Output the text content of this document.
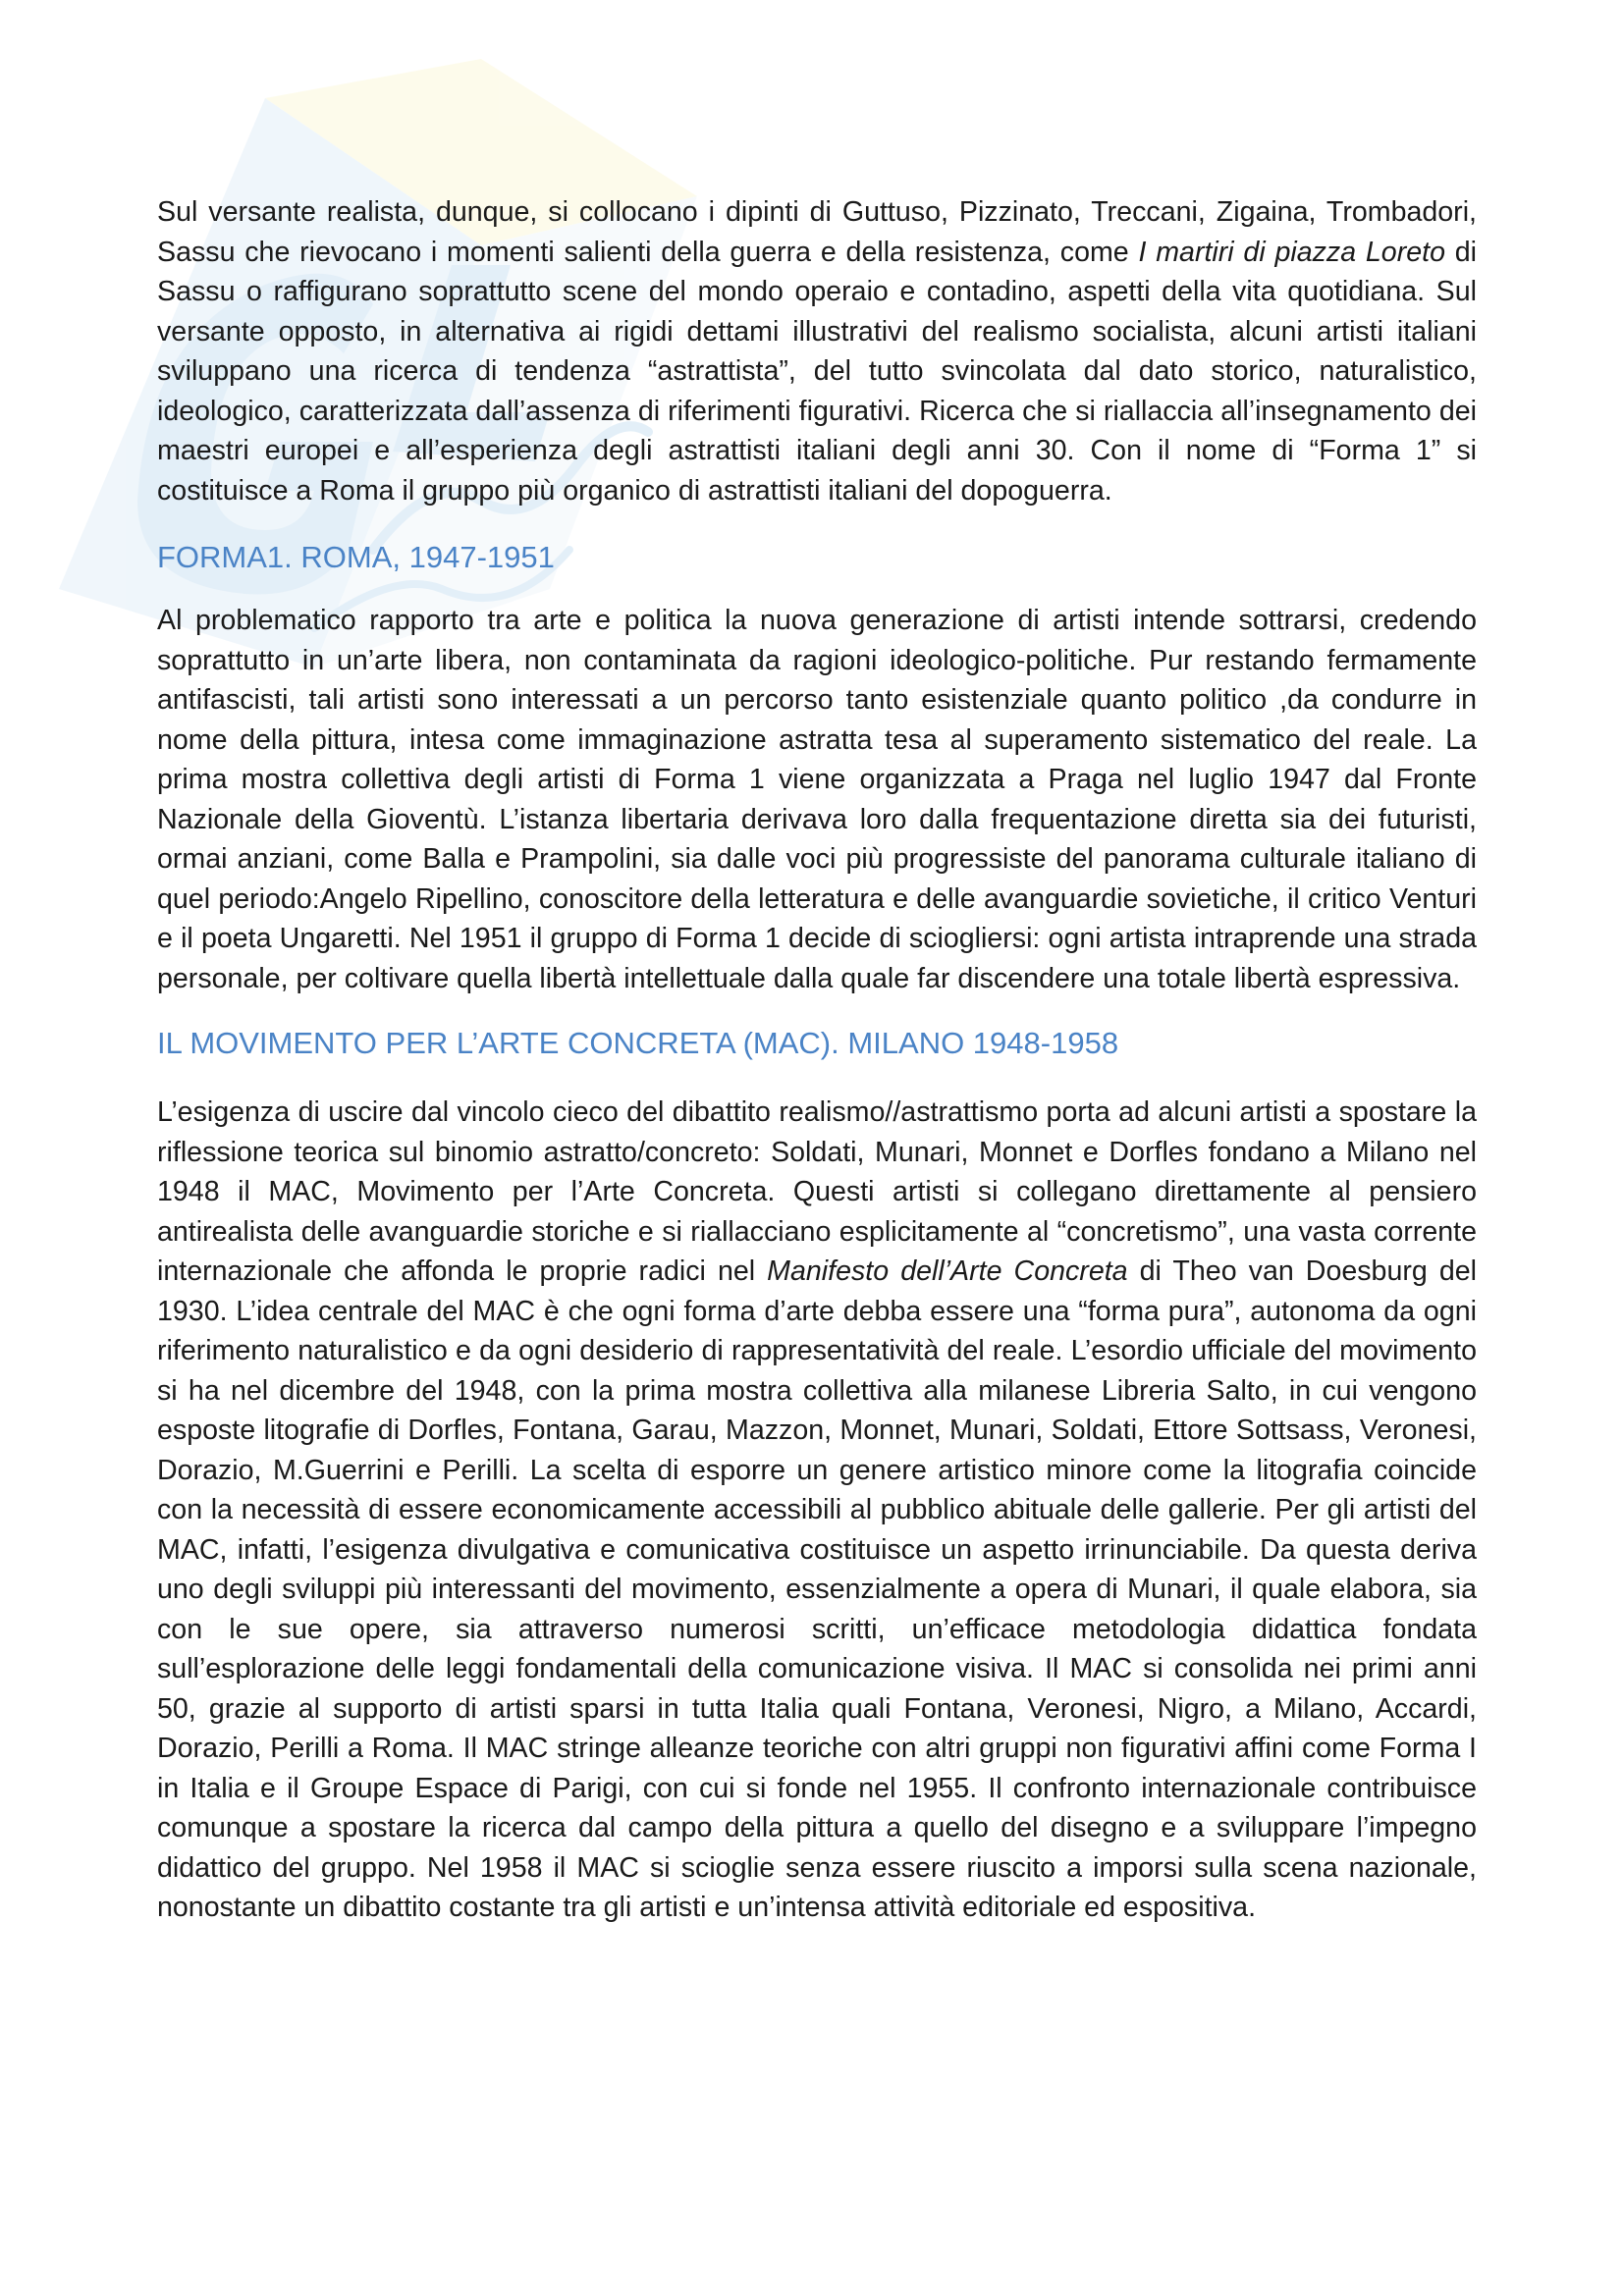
Sul versante realista, dunque, si collocano i dipinti di Guttuso, Pizzinato, Treccani, Zigaina, Trombadori, Sassu che rievocano i momenti salienti della guerra e della resistenza, come I martiri di piazza Loreto di Sassu o raffigurano soprattutto scene del mondo operaio e contadino, aspetti della vita quotidiana. Sul versante opposto, in alternativa ai rigidi dettami illustrativi del realismo socialista, alcuni artisti italiani sviluppano una ricerca di tendenza “astrattista”, del tutto svincolata dal dato storico, naturalistico, ideologico, caratterizzata dall’assenza di riferimenti figurativi. Ricerca che si riallaccia all’insegnamento dei maestri europei e all’esperienza degli astrattisti italiani degli anni 30. Con il nome di “Forma 1” si costituisce a Roma il gruppo più organico di astrattisti italiani del dopoguerra.

FORMA1. ROMA, 1947-1951

Al problematico rapporto tra arte e politica la nuova generazione di artisti intende sottrarsi, credendo soprattutto in un’arte libera, non contaminata da ragioni ideologico-politiche. Pur restando fermamente antifascisti, tali artisti sono interessati a un percorso tanto esistenziale quanto politico ,da condurre in nome della pittura, intesa come immaginazione astratta tesa al superamento sistematico del reale. La prima mostra collettiva degli artisti di Forma 1 viene organizzata a Praga nel luglio 1947 dal Fronte Nazionale della Gioventù. L’istanza libertaria derivava loro dalla frequentazione diretta sia dei futuristi, ormai anziani, come Balla e Prampolini, sia dalle voci più progressiste del panorama culturale italiano di quel periodo:Angelo Ripellino, conoscitore della letteratura e delle avanguardie sovietiche, il critico Venturi e il poeta Ungaretti. Nel 1951 il gruppo di Forma 1 decide di sciogliersi: ogni artista intraprende una strada personale, per coltivare quella libertà intellettuale dalla quale far discendere una totale libertà espressiva.

IL MOVIMENTO PER L’ARTE CONCRETA (MAC). MILANO 1948-1958

L’esigenza di uscire dal vincolo cieco del dibattito realismo//astrattismo porta ad alcuni artisti a spostare la riflessione teorica sul binomio astratto/concreto: Soldati, Munari, Monnet e Dorfles fondano a Milano nel 1948 il MAC, Movimento per l’Arte Concreta. Questi artisti si collegano direttamente al pensiero antirealista delle avanguardie storiche e si riallacciano esplicitamente al “concretismo”, una vasta corrente internazionale che affonda le proprie radici nel Manifesto dell’Arte Concreta di Theo van Doesburg del 1930. L’idea centrale del MAC è che ogni forma d’arte debba essere una “forma pura”, autonoma da ogni riferimento naturalistico e da ogni desiderio di rappresentatività del reale. L’esordio ufficiale del movimento si ha nel dicembre del 1948, con la prima mostra collettiva alla milanese Libreria Salto, in cui vengono esposte litografie di Dorfles, Fontana, Garau, Mazzon, Monnet, Munari, Soldati, Ettore Sottsass, Veronesi, Dorazio, M.Guerrini e Perilli. La scelta di esporre un genere artistico minore come la litografia coincide con la necessità di essere economicamente accessibili al pubblico abituale delle gallerie. Per gli artisti del MAC, infatti, l’esigenza divulgativa e comunicativa costituisce un aspetto irrinunciabile. Da questa deriva uno degli sviluppi più interessanti del movimento, essenzialmente a opera di Munari, il quale elabora, sia con le sue opere, sia attraverso numerosi scritti, un’efficace metodologia didattica fondata sull’esplorazione delle leggi fondamentali della comunicazione visiva. Il MAC si consolida nei primi anni 50, grazie al supporto di artisti sparsi in tutta Italia quali Fontana, Veronesi, Nigro, a Milano, Accardi, Dorazio, Perilli a Roma. Il MAC stringe alleanze teoriche con altri gruppi non figurativi affini come Forma I in Italia e il Groupe Espace di Parigi, con cui si fonde nel 1955. Il confronto internazionale contribuisce comunque a spostare la ricerca dal campo della pittura a quello del disegno e a sviluppare l’impegno didattico del gruppo. Nel 1958 il MAC si scioglie senza essere riuscito a imporsi sulla scena nazionale, nonostante un dibattito costante tra gli artisti e un’intensa attività editoriale ed espositiva.
